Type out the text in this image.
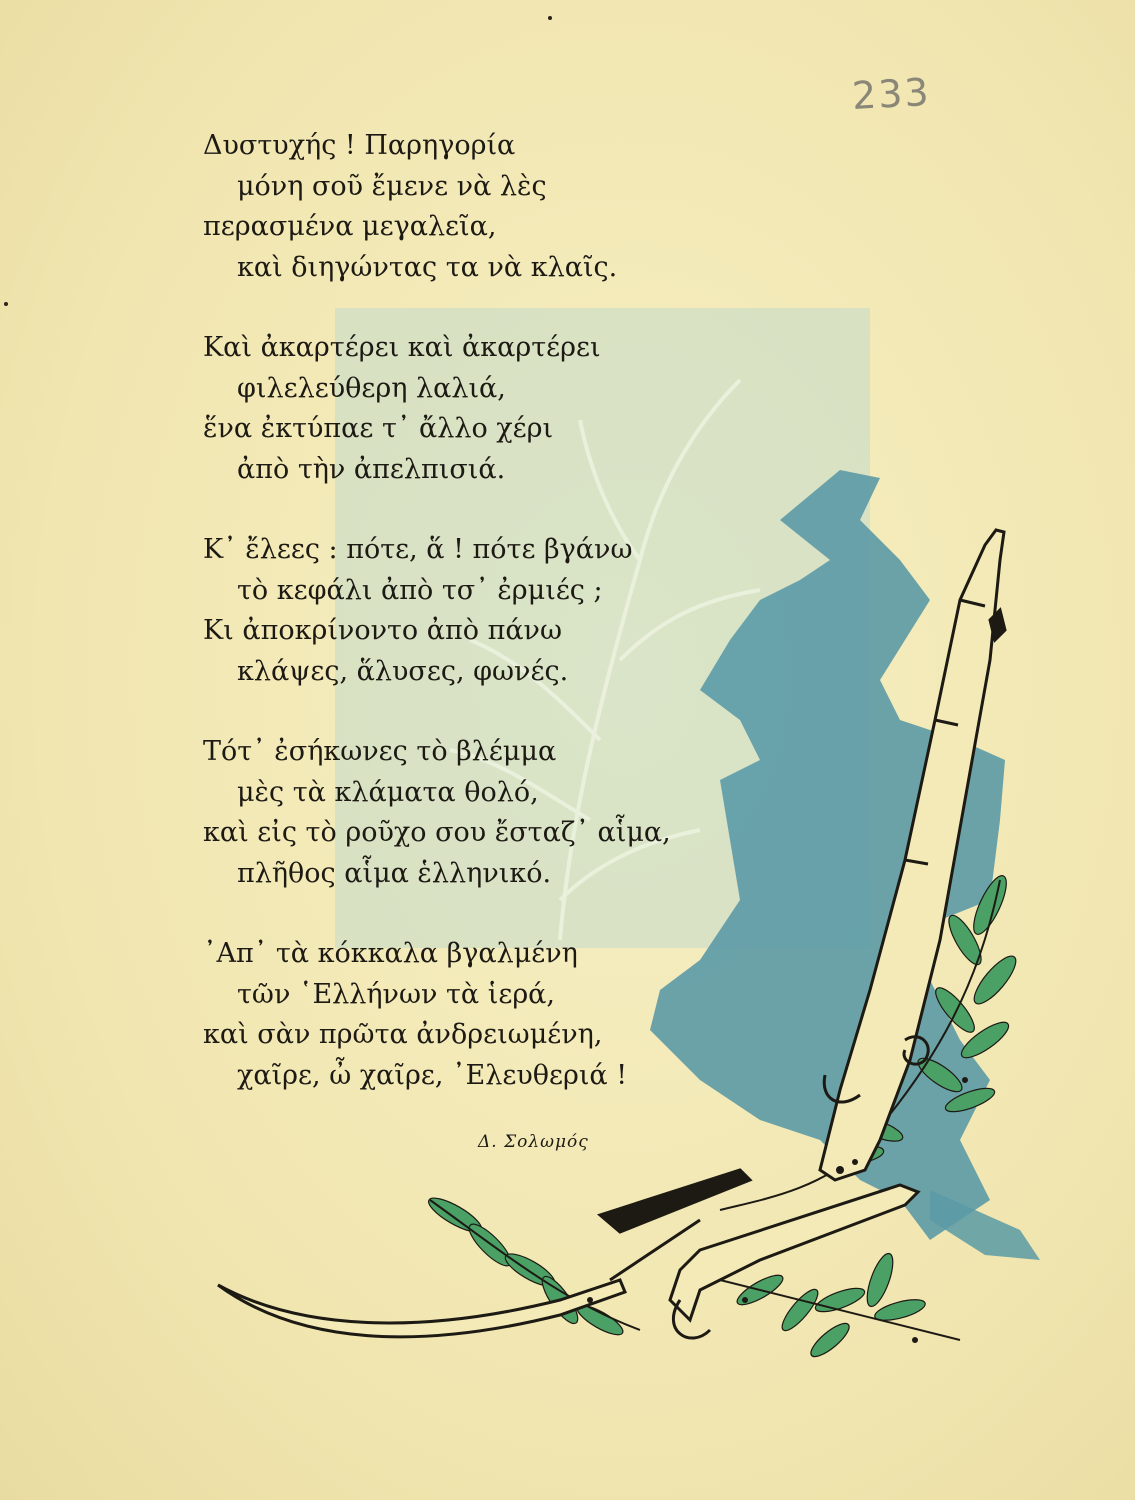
233
Δυστυχής ! Παρηγορία
μόνη σοῦ ἔμενε νὰ λὲς
περασμένα μεγαλεῖα,
καὶ διηγώντας τα νὰ κλαῖς.
Καὶ ἀκαρτέρει καὶ ἀκαρτέρει
φιλελεύθερη λαλιά,
ἕνα ἐκτύπαε τ᾽ ἄλλο χέρι
ἀπὸ τὴν ἀπελπισιά.
Κ᾽ ἔλεες : πότε, ἅ ! πότε βγάνω
τὸ κεφάλι ἀπὸ τσ᾽ ἐρμιές ;
Κι ἀποκρίνοντο ἀπὸ πάνω
κλάψες, ἅλυσες, φωνές.
Τότ᾽ ἐσήκωνες τὸ βλέμμα
μὲς τὰ κλάματα θολό,
καὶ εἰς τὸ ροῦχο σου ἔσταζ᾽ αἷμα,
πλῆθος αἷμα ἑλληνικό.
᾽Απ᾽ τὰ κόκκαλα βγαλμένη
τῶν ῾Ελλήνων τὰ ἱερά,
καὶ σὰν πρῶτα ἀνδρειωμένη,
χαῖρε, ὦ χαῖρε, ᾽Ελευθεριά !
Δ. Σολωμός
